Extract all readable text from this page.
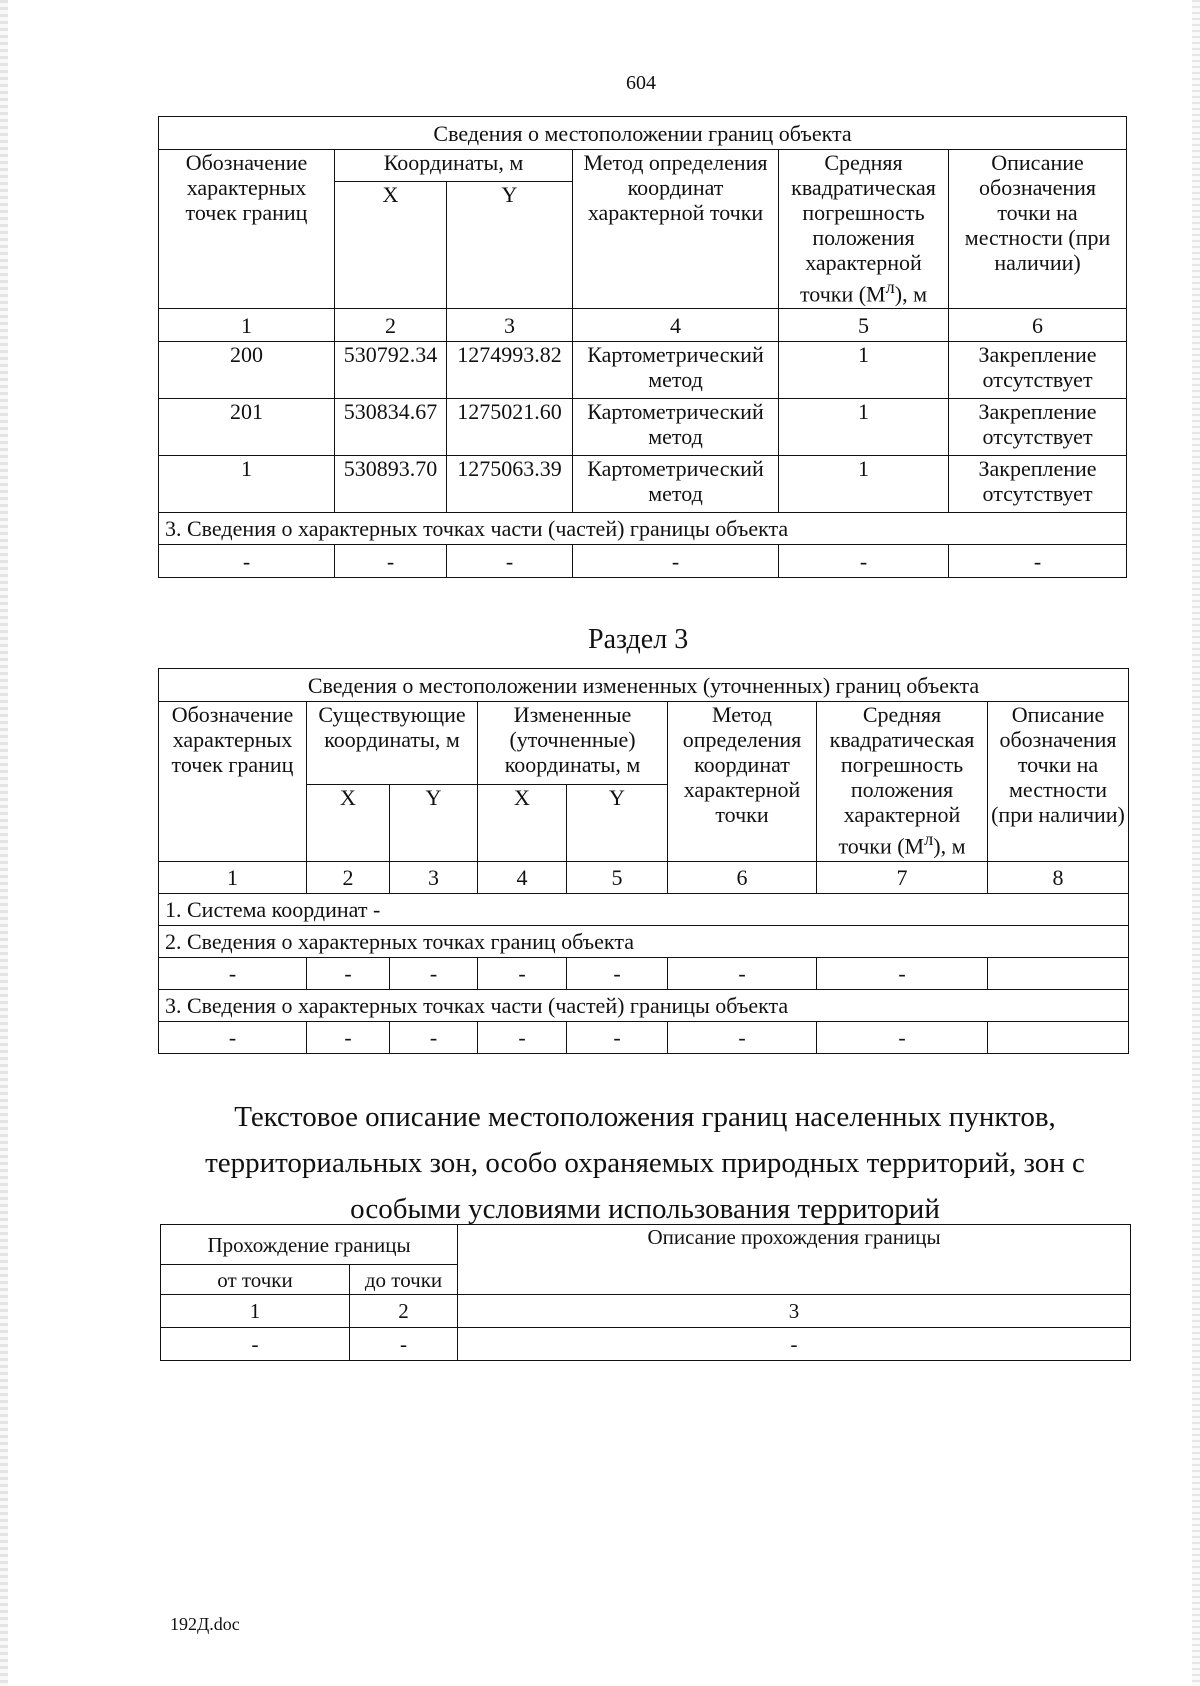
604
Сведения о местоположении границ объекта					
Обозначение характерных точек границ	Координаты, м		Метод определения координат характерной точки	Средняя квадратическая погрешность положения характерной точки $(М^л)$, м	Описание обозначения точки на местности (при наличии)
	X	Y			
1	2	3	4	5	6
200	530792.34	1274993.82	Картометрический метод	1	Закрепление отсутствует
201	530834.67	1275021.60	Картометрический метод	1	Закрепление отсутствует
1	530893.70	1275063.39	Картометрический метод	1	Закрепление отсутствует
3. Сведения о характерных точках части (частей) границы объекта					
-	-	-	-	-	-
Раздел 3
Сведения о местоположении измененных (уточненных) границ объекта							
Обозначение характерных точек границ	Существующие координаты, м		Измененные (уточненные) координаты, м		Метод определения координат характерной точки	Средняя квадратическая погрешность положения характерной точки $(М^л)$, м	Описание обозначения точки на местности (при наличии)
	X	Y	X	Y			
1	2	3	4	5	6	7	8
1. Система координат -							
2. Сведения о характерных точках границ объекта							
-	-	-	-	-	-	-	
3. Сведения о характерных точках части (частей) границы объекта							
-	-	-	-	-	-	-	
Текстовое описание местоположения границ населенных пунктов, территориальных зон, особо охраняемых природных территорий, зон с особыми условиями использования территорий
Прохождение границы		Описание прохождения границы
от точки	до точки	
1	2	3
-	-	-
192Д.doc
